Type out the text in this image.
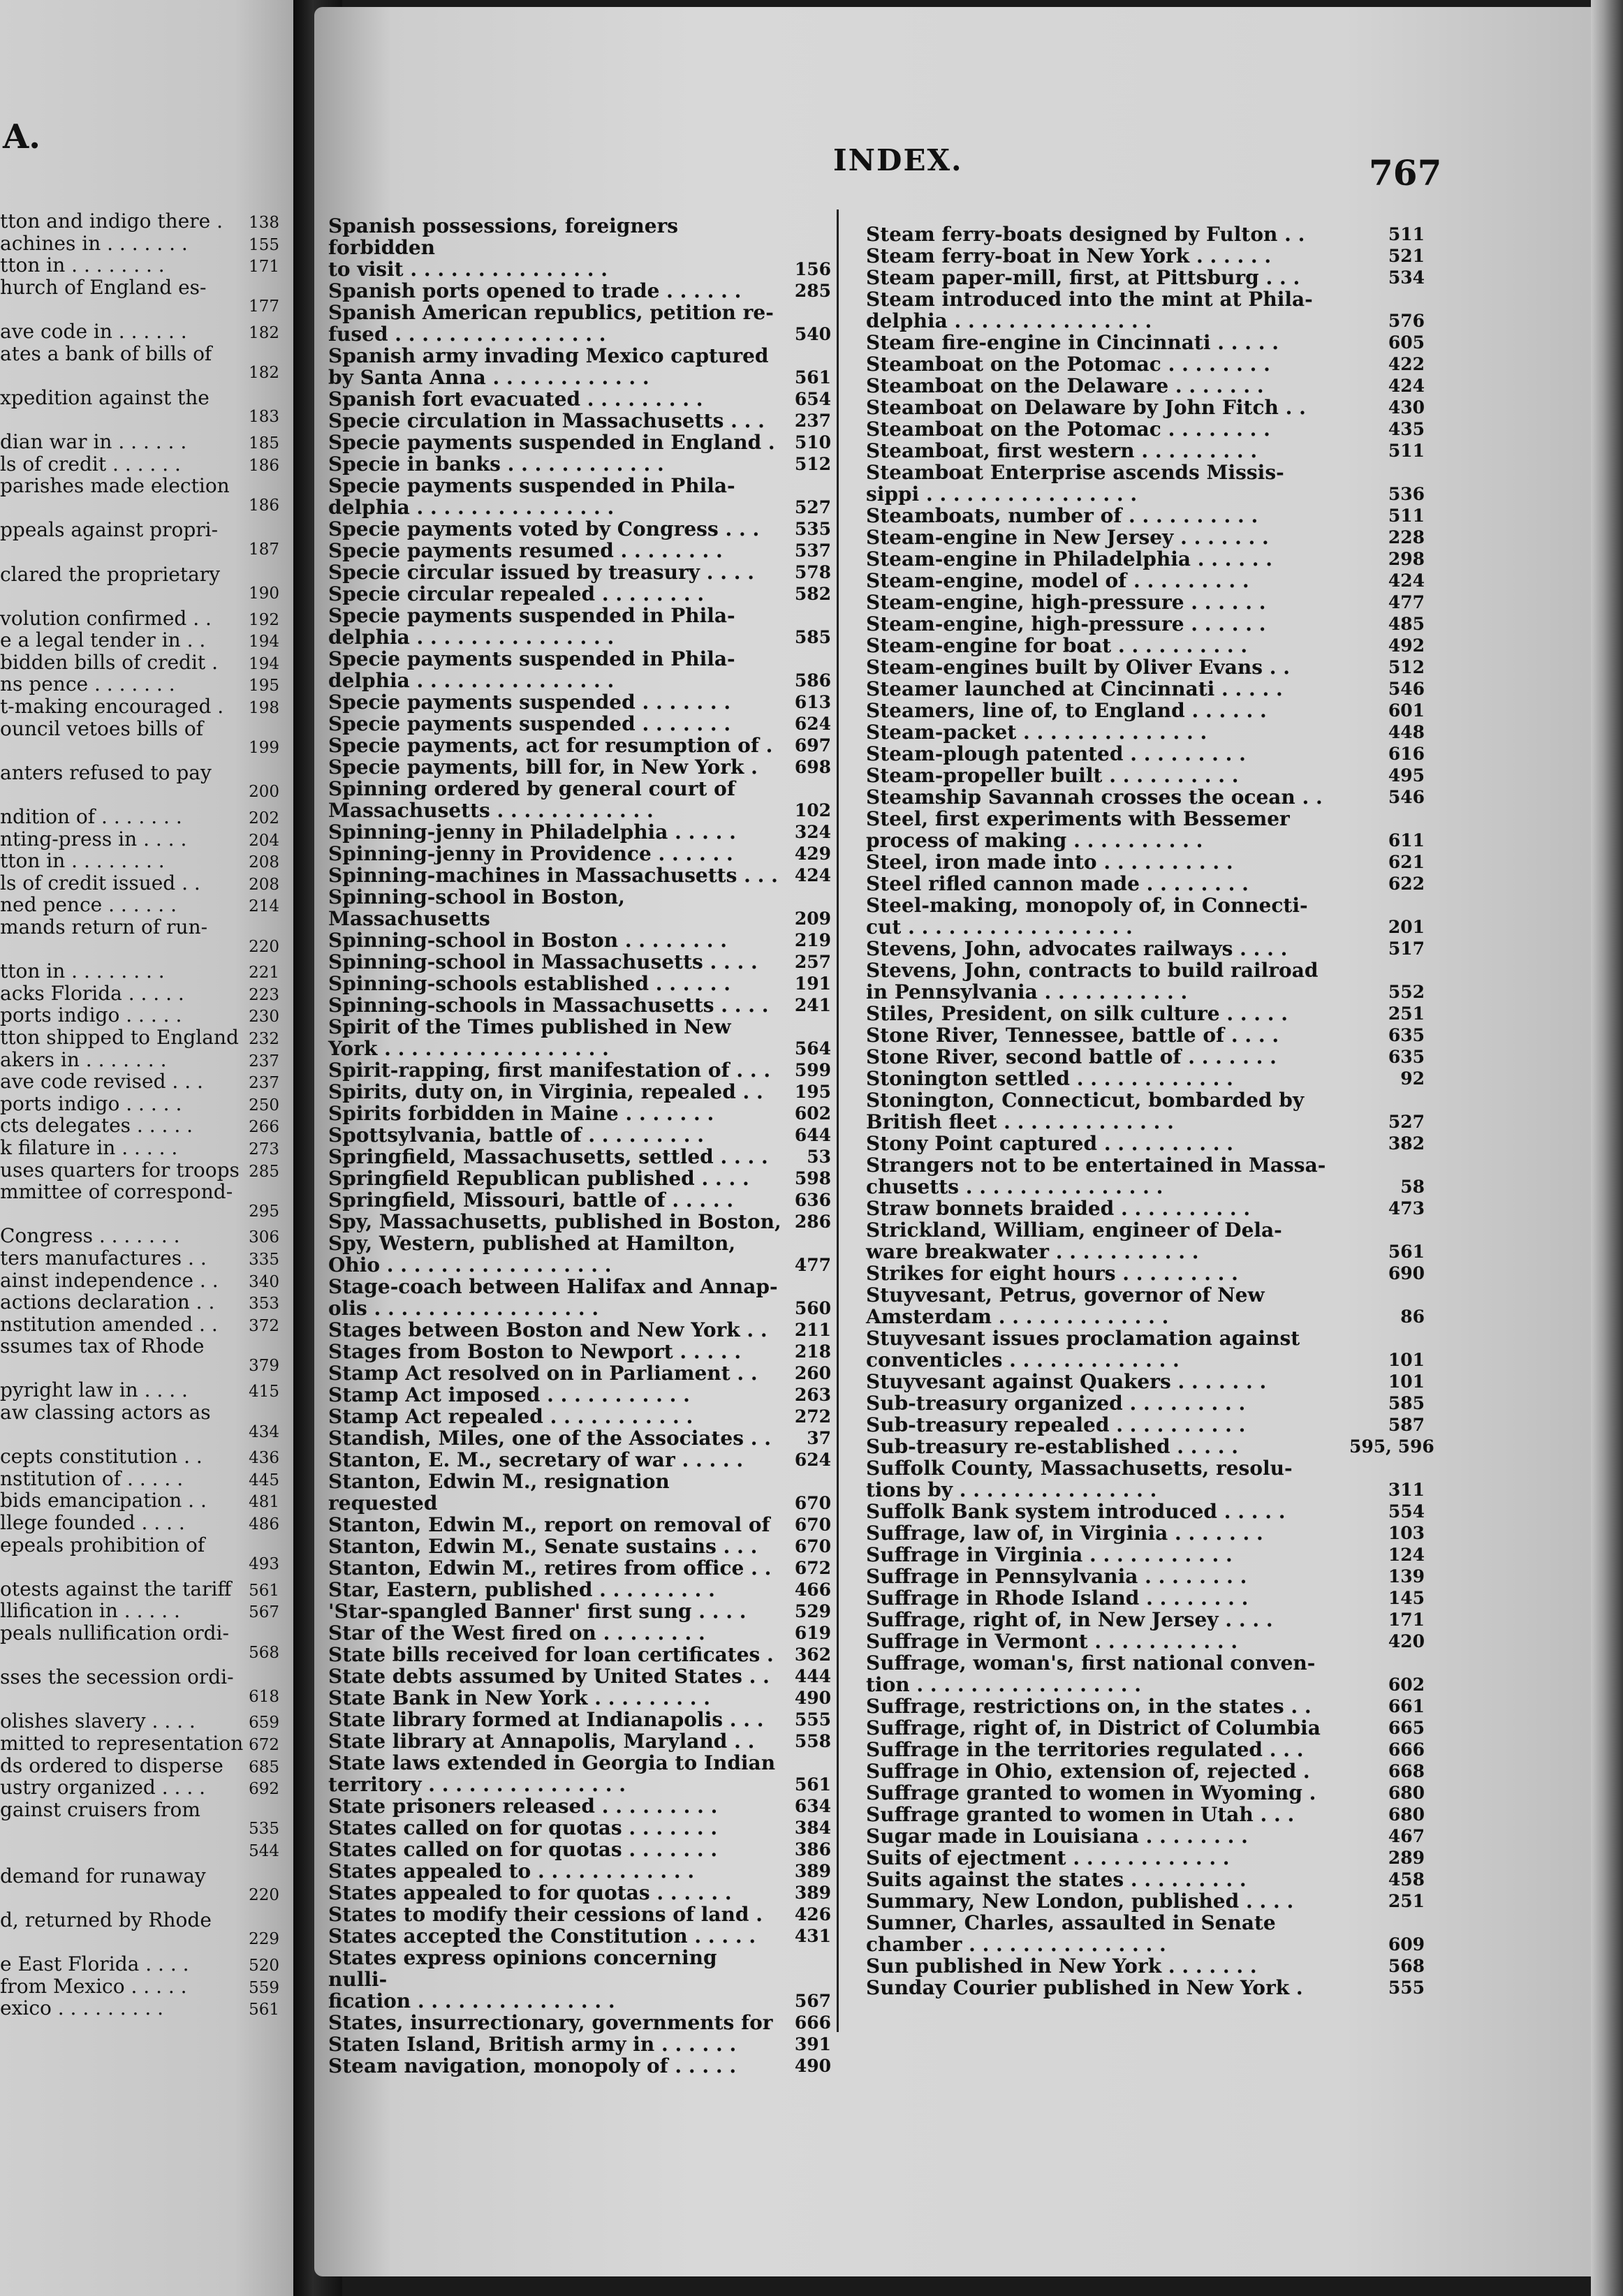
A.
tton and indigo there .	138
achines in . . . . . . .	155
tton in . . . . . . . .	171
hurch of England es-
177
ave code in . . . . . .	182
ates a bank of bills of
182
xpedition against the
183
dian war in . . . . . .	185
ls of credit . . . . . .	186
parishes made election
186
ppeals against propri-
187
clared the proprietary
190
volution confirmed . .	192
e a legal tender in . .	194
bidden bills of credit .	194
ns pence . . . . . . .	195
t-making encouraged .	198
ouncil vetoes bills of
199
anters refused to pay
200
ndition of . . . . . . .	202
nting-press in . . . .	204
tton in . . . . . . . .	208
ls of credit issued . .	208
ned pence . . . . . .	214
mands return of run-
220
tton in . . . . . . . .	221
acks Florida . . . . .	223
ports indigo . . . . .	230
tton shipped to England 232
akers in . . . . . . .	237
ave code revised . . .	237
ports indigo . . . . .	250
cts delegates . . . . .	266
k filature in . . . . .	273
uses quarters for troops 285
mmittee of correspond-
295
Congress . . . . . . .	306
ters manufactures . .	335
ainst independence . .	340
actions declaration . .	353
nstitution amended . .	372
ssumes tax of Rhode
379
pyright law in . . . .	415
aw classing actors as
434
cepts constitution . .	436
nstitution of . . . . .	445
bids emancipation . .	481
llege founded . . . .	486
epeals prohibition of
493
otests against the tariff	561
llification in . . . . .	567
peals nullification ordi-
568
sses the secession ordi-
618
olishes slavery . . . .	659
mitted to representation 672
ds ordered to disperse	685
ustry organized . . . .	692
gainst cruisers from
535
544
demand for runaway
220
d, returned by Rhode
229
e East Florida . . . .	520
from Mexico . . . . .	559
exico . . . . . . . . .	561
INDEX.	767
Spanish possessions, foreigners forbidden
to visit . . . . . . . . . . . . . . .	156
Spanish ports opened to trade . . . . . .	285
Spanish American republics, petition re-
fused . . . . . . . . . . . . . . . .	540
Spanish army invading Mexico captured
by Santa Anna . . . . . . . . . . . .	561
Spanish fort evacuated . . . . . . . . .	654
Specie circulation in Massachusetts . . .	237
Specie payments suspended in England .	510
Specie in banks . . . . . . . . . . . .	512
Specie payments suspended in Phila-
delphia . . . . . . . . . . . . . . .	527
Specie payments voted by Congress . . .	535
Specie payments resumed . . . . . . . .	537
Specie circular issued by treasury . . . .	578
Specie circular repealed . . . . . . . .	582
Specie payments suspended in Phila-
delphia . . . . . . . . . . . . . . .	585
Specie payments suspended in Phila-
delphia . . . . . . . . . . . . . . .	586
Specie payments suspended . . . . . . .	613
Specie payments suspended . . . . . . .	624
Specie payments, act for resumption of .	697
Specie payments, bill for, in New York .	698
Spinning ordered by general court of
Massachusetts . . . . . . . . . . . .	102
Spinning-jenny in Philadelphia . . . . .	324
Spinning-jenny in Providence . . . . . .	429
Spinning-machines in Massachusetts . . . 424
Spinning-school in Boston, Massachusetts	209
Spinning-school in Boston . . . . . . . .	219
Spinning-school in Massachusetts . . . .	257
Spinning-schools established . . . . . .	191
Spinning-schools in Massachusetts . . . .	241
Spirit of the Times published in New
York . . . . . . . . . . . . . . . . .	564
Spirit-rapping, first manifestation of . . .	599
Spirits, duty on, in Virginia, repealed . .	195
Spirits forbidden in Maine . . . . . . .	602
Spottsylvania, battle of . . . . . . . . .	644
Springfield, Massachusetts, settled . . . .	53
Springfield Republican published . . . .	598
Springfield, Missouri, battle of . . . . .	636
Spy, Massachusetts, published in Boston, 286
Spy, Western, published at Hamilton,
Ohio . . . . . . . . . . . . . . . . .	477
Stage-coach between Halifax and Annap-
olis . . . . . . . . . . . . . . . . .	560
Stages between Boston and New York . .	211
Stages from Boston to Newport . . . . .	218
Stamp Act resolved on in Parliament . .	260
Stamp Act imposed . . . . . . . . . . .	263
Stamp Act repealed . . . . . . . . . . .	272
Standish, Miles, one of the Associates . .	37
Stanton, E. M., secretary of war . . . . .	624
Stanton, Edwin M., resignation requested	670
Stanton, Edwin M., report on removal of	670
Stanton, Edwin M., Senate sustains . . .	670
Stanton, Edwin M., retires from office . .	672
Star, Eastern, published . . . . . . . . .	466
'Star-spangled Banner' first sung . . . .	529
Star of the West fired on . . . . . . . .	619
State bills received for loan certificates .	362
State debts assumed by United States . .	444
State Bank in New York . . . . . . . . .	490
State library formed at Indianapolis . . .	555
State library at Annapolis, Maryland . .	558
State laws extended in Georgia to Indian
territory . . . . . . . . . . . . . . .	561
State prisoners released . . . . . . . . .	634
States called on for quotas . . . . . . .	384
States called on for quotas . . . . . . .	386
States appealed to . . . . . . . . . . . .	389
States appealed to for quotas . . . . . .	389
States to modify their cessions of land .	426
States accepted the Constitution . . . . .	431
States express opinions concerning nulli-
fication . . . . . . . . . . . . . . .	567
States, insurrectionary, governments for	666
Staten Island, British army in . . . . . .	391
Steam navigation, monopoly of . . . . .	490
Steam ferry-boats designed by Fulton . .	511
Steam ferry-boat in New York . . . . . .	521
Steam paper-mill, first, at Pittsburg . . .	534
Steam introduced into the mint at Phila-
delphia . . . . . . . . . . . . . . .	576
Steam fire-engine in Cincinnati . . . . .	605
Steamboat on the Potomac . . . . . . . .	422
Steamboat on the Delaware . . . . . . .	424
Steamboat on Delaware by John Fitch . .	430
Steamboat on the Potomac . . . . . . . .	435
Steamboat, first western . . . . . . . . .	511
Steamboat Enterprise ascends Missis-
sippi . . . . . . . . . . . . . . . .	536
Steamboats, number of . . . . . . . . . .	511
Steam-engine in New Jersey . . . . . . .	228
Steam-engine in Philadelphia . . . . . .	298
Steam-engine, model of . . . . . . . . .	424
Steam-engine, high-pressure . . . . . .	477
Steam-engine, high-pressure . . . . . .	485
Steam-engine for boat . . . . . . . . . .	492
Steam-engines built by Oliver Evans . .	512
Steamer launched at Cincinnati . . . . .	546
Steamers, line of, to England . . . . . .	601
Steam-packet . . . . . . . . . . . . . .	448
Steam-plough patented . . . . . . . . .	616
Steam-propeller built . . . . . . . . . .	495
Steamship Savannah crosses the ocean . .	546
Steel, first experiments with Bessemer
process of making . . . . . . . . . .	611
Steel, iron made into . . . . . . . . . .	621
Steel rifled cannon made . . . . . . . .	622
Steel-making, monopoly of, in Connecti-
cut . . . . . . . . . . . . . . . . .	201
Stevens, John, advocates railways . . . .	517
Stevens, John, contracts to build railroad
in Pennsylvania . . . . . . . . . . .	552
Stiles, President, on silk culture . . . . .	251
Stone River, Tennessee, battle of . . . .	635
Stone River, second battle of . . . . . . .	635
Stonington settled . . . . . . . . . . . .	92
Stonington, Connecticut, bombarded by
British fleet . . . . . . . . . . . . .	527
Stony Point captured . . . . . . . . . .	382
Strangers not to be entertained in Massa-
chusetts . . . . . . . . . . . . . . .	58
Straw bonnets braided . . . . . . . . . .	473
Strickland, William, engineer of Dela-
ware breakwater . . . . . . . . . . .	561
Strikes for eight hours . . . . . . . . .	690
Stuyvesant, Petrus, governor of New
Amsterdam . . . . . . . . . . . . .	86
Stuyvesant issues proclamation against
conventicles . . . . . . . . . . . . .	101
Stuyvesant against Quakers . . . . . . .	101
Sub-treasury organized . . . . . . . . .	585
Sub-treasury repealed . . . . . . . . . .	587
Sub-treasury re-established . . . . .	595, 596
Suffolk County, Massachusetts, resolu-
tions by . . . . . . . . . . . . . . .	311
Suffolk Bank system introduced . . . . .	554
Suffrage, law of, in Virginia . . . . . . .	103
Suffrage in Virginia . . . . . . . . . . .	124
Suffrage in Pennsylvania . . . . . . . .	139
Suffrage in Rhode Island . . . . . . . .	145
Suffrage, right of, in New Jersey . . . .	171
Suffrage in Vermont . . . . . . . . . . .	420
Suffrage, woman's, first national conven-
tion . . . . . . . . . . . . . . . . .	602
Suffrage, restrictions on, in the states . .	661
Suffrage, right of, in District of Columbia	665
Suffrage in the territories regulated . . .	666
Suffrage in Ohio, extension of, rejected .	668
Suffrage granted to women in Wyoming .	680
Suffrage granted to women in Utah . . .	680
Sugar made in Louisiana . . . . . . . .	467
Suits of ejectment . . . . . . . . . . . .	289
Suits against the states . . . . . . . . .	458
Summary, New London, published . . . .	251
Sumner, Charles, assaulted in Senate
chamber . . . . . . . . . . . . . . .	609
Sun published in New York . . . . . . .	568
Sunday Courier published in New York .	555
